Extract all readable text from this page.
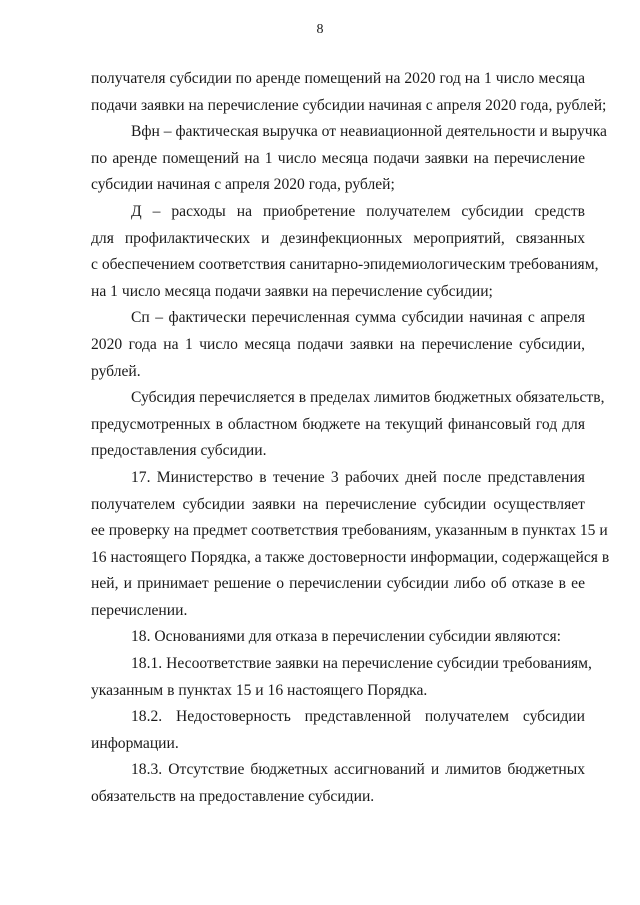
8

получателя субсидии по аренде помещений на 2020 год на 1 число месяца
подачи заявки на перечисление субсидии начиная с апреля 2020 года, рублей;

Вфн – фактическая выручка от неавиационной деятельности и выручка
по аренде помещений на 1 число месяца подачи заявки на перечисление
субсидии начиная с апреля 2020 года, рублей;

Д – расходы на приобретение получателем субсидии средств
для профилактических и дезинфекционных мероприятий, связанных
с обеспечением соответствия санитарно-эпидемиологическим требованиям,
на 1 число месяца подачи заявки на перечисление субсидии;

Сп – фактически перечисленная сумма субсидии начиная с апреля
2020 года на 1 число месяца подачи заявки на перечисление субсидии,
рублей.

Субсидия перечисляется в пределах лимитов бюджетных обязательств,
предусмотренных в областном бюджете на текущий финансовый год для
предоставления субсидии.

17. Министерство в течение 3 рабочих дней после представления
получателем субсидии заявки на перечисление субсидии осуществляет
ее проверку на предмет соответствия требованиям, указанным в пунктах 15 и
16 настоящего Порядка, а также достоверности информации, содержащейся в
ней, и принимает решение о перечислении субсидии либо об отказе в ее
перечислении.

18. Основаниями для отказа в перечислении субсидии являются:

18.1. Несоответствие заявки на перечисление субсидии требованиям,
указанным в пунктах 15 и 16 настоящего Порядка.

18.2. Недостоверность представленной получателем субсидии
информации.

18.3. Отсутствие бюджетных ассигнований и лимитов бюджетных
обязательств на предоставление субсидии.
